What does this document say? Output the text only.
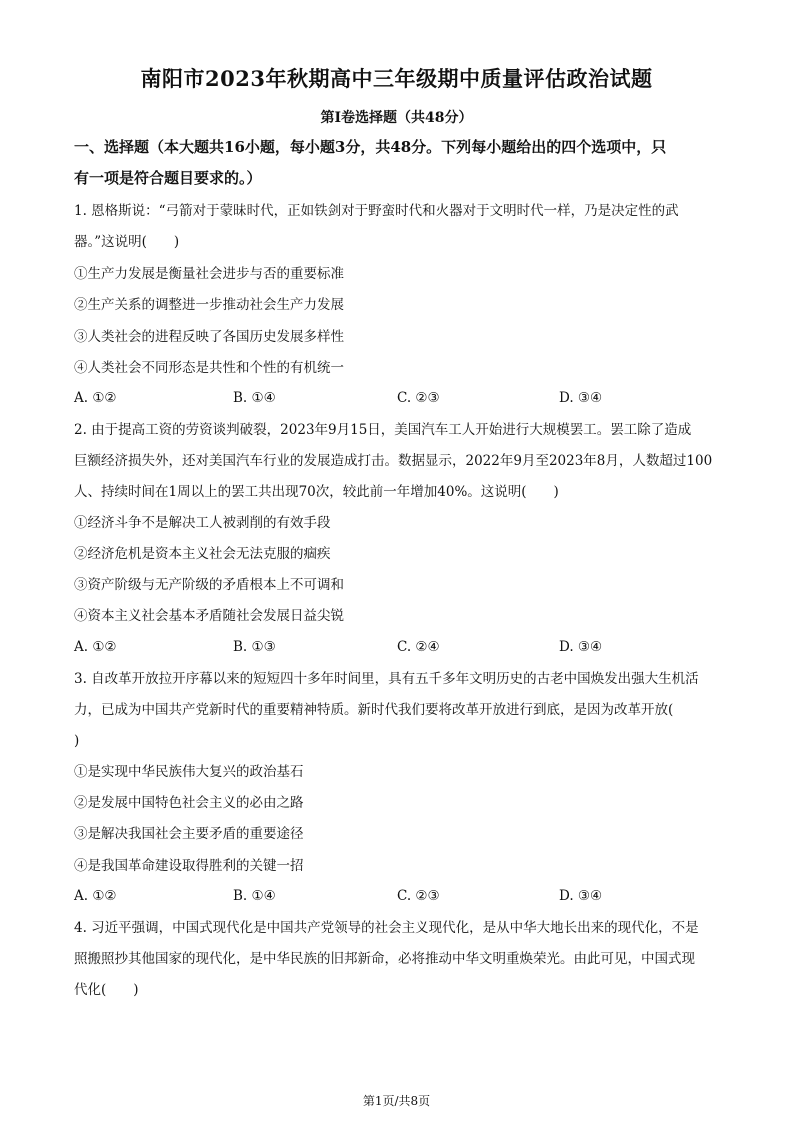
南阳市2023年秋期高中三年级期中质量评估政治试题
第Ⅰ卷选择题（共48分）
一、选择题（本大题共16小题，每小题3分，共48分。下列每小题给出的四个选项中，只
有一项是符合题目要求的。）
1. 恩格斯说：“弓箭对于蒙昧时代，正如铁剑对于野蛮时代和火器对于文明时代一样，乃是决定性的武
器。”这说明(　　)
①生产力发展是衡量社会进步与否的重要标准
②生产关系的调整进一步推动社会生产力发展
③人类社会的进程反映了各国历史发展多样性
④人类社会不同形态是共性和个性的有机统一
A. ①②	B. ①④	C. ②③	D. ③④
2. 由于提高工资的劳资谈判破裂，2023年9月15日，美国汽车工人开始进行大规模罢工。罢工除了造成
巨额经济损失外，还对美国汽车行业的发展造成打击。数据显示，2022年9月至2023年8月，人数超过100
人、持续时间在1周以上的罢工共出现70次，较此前一年增加40%。这说明(　　)
①经济斗争不是解决工人被剥削的有效手段
②经济危机是资本主义社会无法克服的痼疾
③资产阶级与无产阶级的矛盾根本上不可调和
④资本主义社会基本矛盾随社会发展日益尖锐
A. ①②	B. ①③	C. ②④	D. ③④
3. 自改革开放拉开序幕以来的短短四十多年时间里，具有五千多年文明历史的古老中国焕发出强大生机活
力，已成为中国共产党新时代的重要精神特质。新时代我们要将改革开放进行到底，是因为改革开放(
)
①是实现中华民族伟大复兴的政治基石
②是发展中国特色社会主义的必由之路
③是解决我国社会主要矛盾的重要途径
④是我国革命建设取得胜利的关键一招
A. ①②	B. ①④	C. ②③	D. ③④
4. 习近平强调，中国式现代化是中国共产党领导的社会主义现代化，是从中华大地长出来的现代化，不是
照搬照抄其他国家的现代化，是中华民族的旧邦新命，必将推动中华文明重焕荣光。由此可见，中国式现
代化(　　)
第1页/共8页
